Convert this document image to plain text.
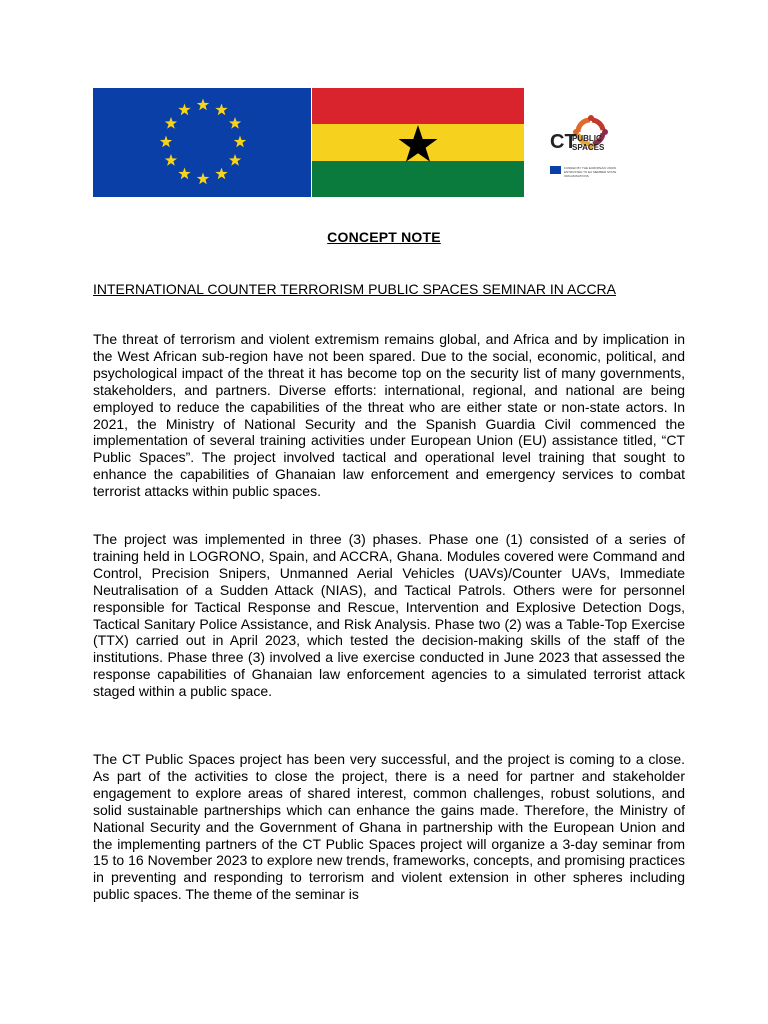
CT
PUBLIC SPACES
FUNDED BY THE EUROPEAN UNION ENTRUSTED TO EU MEMBER STATE ORGANISATIONS
CONCEPT NOTE
INTERNATIONAL COUNTER TERRORISM PUBLIC SPACES SEMINAR IN ACCRA

The threat of terrorism and violent extremism remains global, and Africa and by implication in the West African sub-region have not been spared. Due to the social, economic, political, and psychological impact of the threat it has become top on the security list of many governments, stakeholders, and partners. Diverse efforts: international, regional, and national are being employed to reduce the capabilities of the threat who are either state or non-state actors. In 2021, the Ministry of National Security and the Spanish Guardia Civil commenced the implementation of several training activities under European Union (EU) assistance titled, “CT Public Spaces”. The project involved tactical and operational level training that sought to enhance the capabilities of Ghanaian law enforcement and emergency services to combat terrorist attacks within public spaces.

The project was implemented in three (3) phases. Phase one (1) consisted of a series of training held in LOGRONO, Spain, and ACCRA, Ghana. Modules covered were Command and Control, Precision Snipers, Unmanned Aerial Vehicles (UAVs)/Counter UAVs, Immediate Neutralisation of a Sudden Attack (NIAS), and Tactical Patrols. Others were for personnel responsible for Tactical Response and Rescue, Intervention and Explosive Detection Dogs, Tactical Sanitary Police Assistance, and Risk Analysis. Phase two (2) was a Table-Top Exercise (TTX) carried out in April 2023, which tested the decision-making skills of the staff of the institutions. Phase three (3) involved a live exercise conducted in June 2023 that assessed the response capabilities of Ghanaian law enforcement agencies to a simulated terrorist attack staged within a public space.

The CT Public Spaces project has been very successful, and the project is coming to a close. As part of the activities to close the project, there is a need for partner and stakeholder engagement to explore areas of shared interest, common challenges, robust solutions, and solid sustainable partnerships which can enhance the gains made. Therefore, the Ministry of National Security and the Government of Ghana in partnership with the European Union and the implementing partners of the CT Public Spaces project will organize a 3-day seminar from 15 to 16 November 2023 to explore new trends, frameworks, concepts, and promising practices in preventing and responding to terrorism and violent extension in other spheres including public spaces. The theme of the seminar is
